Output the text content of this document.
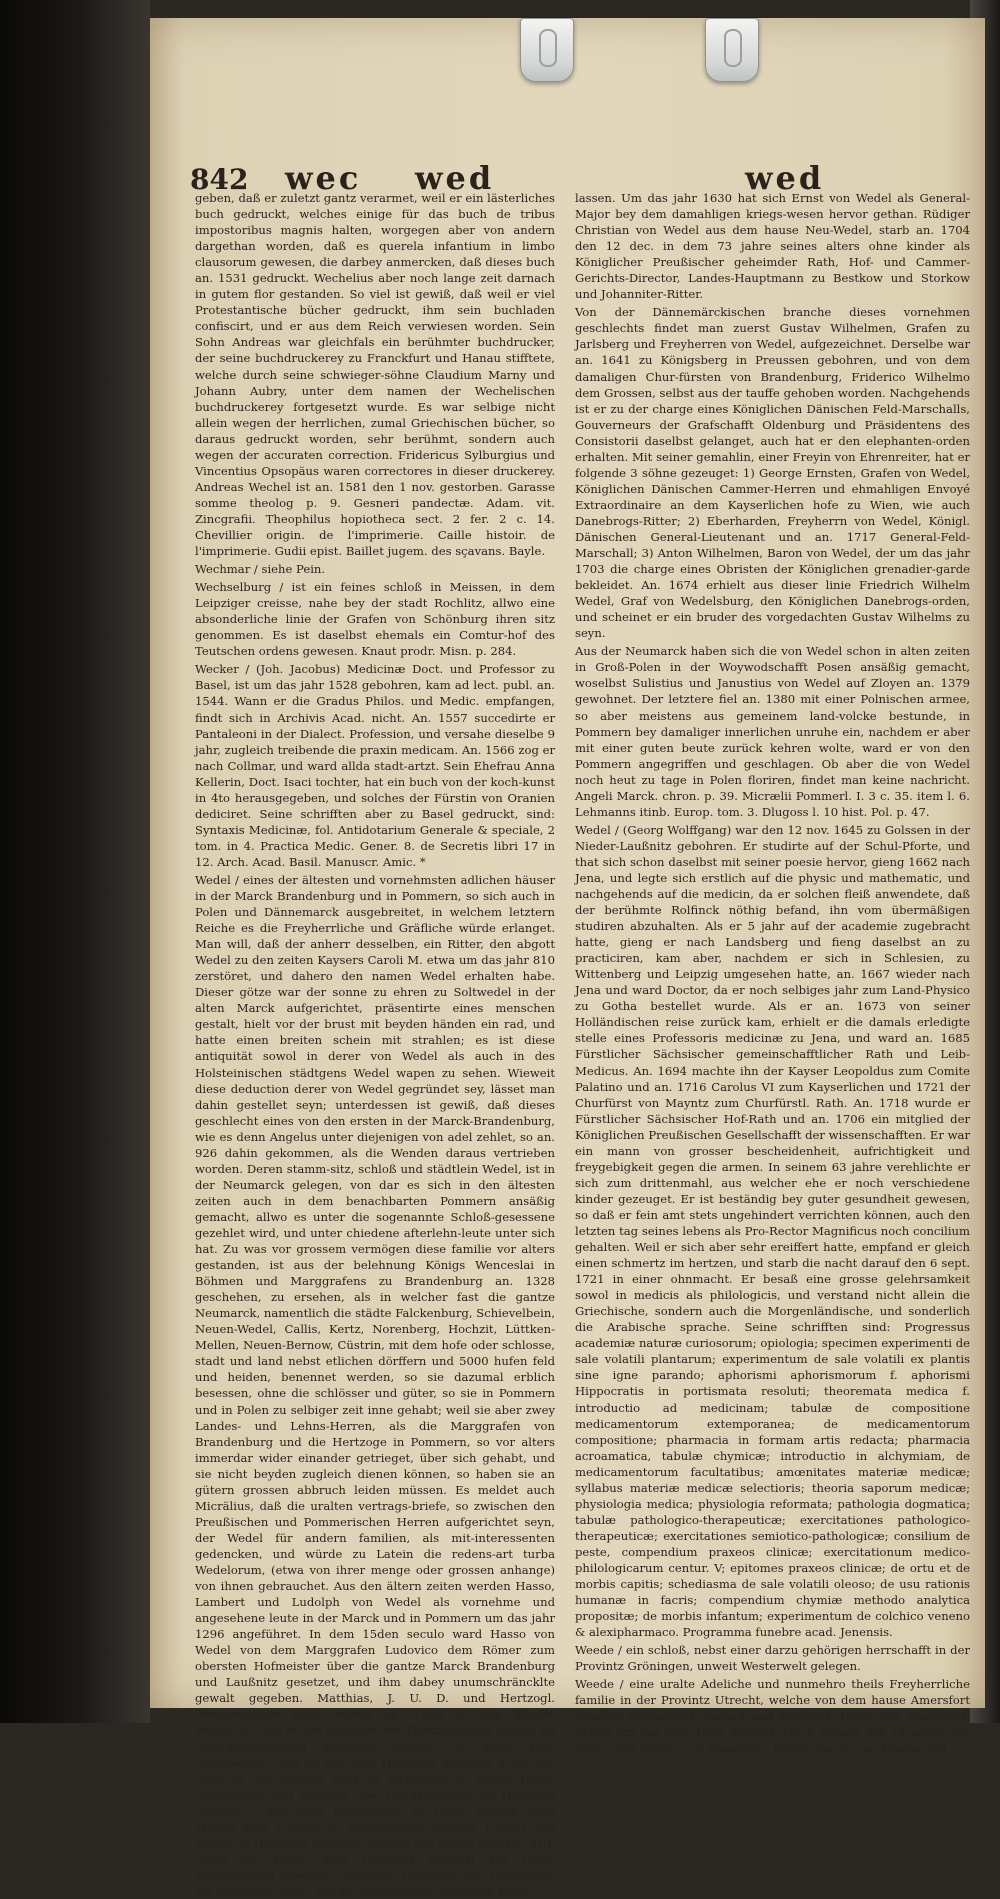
842 wec wed	wed

geben, daß er zuletzt gantz verarmet, weil er ein lästerliches buch gedruckt, welches einige für das buch de tribus impostoribus magnis halten, worgegen aber von andern dargethan worden, daß es querela infantium in limbo clausorum gewesen, die darbey anmercken, daß dieses buch an. 1531 gedruckt. Wechelius aber noch lange zeit darnach in gutem flor gestanden. So viel ist gewiß, daß weil er viel Protestantische bücher gedruckt, ihm sein buchladen confiscirt, und er aus dem Reich verwiesen worden. Sein Sohn Andreas war gleichfals ein berühmter buchdrucker, der seine buchdruckerey zu Franckfurt und Hanau stifftete, welche durch seine schwieger-söhne Claudium Marny und Johann Aubry, unter dem namen der Wechelischen buchdruckerey fortgesetzt wurde. Es war selbige nicht allein wegen der herrlichen, zumal Griechischen bücher, so daraus gedruckt worden, sehr berühmt, sondern auch wegen der accuraten correction. Fridericus Sylburgius und Vincentius Opsopäus waren correctores in dieser druckerey. Andreas Wechel ist an. 1581 den 1 nov. gestorben. Garasse somme theolog p. 9. Gesneri pandectæ. Adam. vit. Zincgrafii. Theophilus hopiotheca sect. 2 fer. 2 c. 14. Chevillier origin. de l'imprimerie. Caille histoir. de l'imprimerie. Gudii epist. Baillet jugem. des sçavans. Bayle.

Wechmar / siehe Pein.

Wechselburg / ist ein feines schloß in Meissen, in dem Leipziger creisse, nahe bey der stadt Rochlitz, allwo eine absonderliche linie der Grafen von Schönburg ihren sitz genommen. Es ist daselbst ehemals ein Comtur-hof des Teutschen ordens gewesen. Knaut prodr. Misn. p. 284.

Wecker / (Joh. Jacobus) Medicinæ Doct. und Professor zu Basel, ist um das jahr 1528 gebohren, kam ad lect. publ. an. 1544. Wann er die Gradus Philos. und Medic. empfangen, findt sich in Archivis Acad. nicht. An. 1557 succedirte er Pantaleoni in der Dialect. Profession, und versahe dieselbe 9 jahr, zugleich treibende die praxin medicam. An. 1566 zog er nach Collmar, und ward allda stadt-artzt. Sein Ehefrau Anna Kellerin, Doct. Isaci tochter, hat ein buch von der koch-kunst in 4to herausgegeben, und solches der Fürstin von Oranien dediciret. Seine schrifften aber zu Basel gedruckt, sind: Syntaxis Medicinæ, fol. Antidotarium Generale & speciale, 2 tom. in 4. Practica Medic. Gener. 8. de Secretis libri 17 in 12. Arch. Acad. Basil. Manuscr. Amic. *

Wedel / eines der ältesten und vornehmsten adlichen häuser in der Marck Brandenburg und in Pommern, so sich auch in Polen und Dännemarck ausgebreitet, in welchem letztern Reiche es die Freyherrliche und Gräfliche würde erlanget. Man will, daß der anherr desselben, ein Ritter, den abgott Wedel zu den zeiten Kaysers Caroli M. etwa um das jahr 810 zerstöret, und dahero den namen Wedel erhalten habe. Dieser götze war der sonne zu ehren zu Soltwedel in der alten Marck aufgerichtet, präsentirte eines menschen gestalt, hielt vor der brust mit beyden händen ein rad, und hatte einen breiten schein mit strahlen; es ist diese antiquität sowol in derer von Wedel als auch in des Holsteinischen städtgens Wedel wapen zu sehen. Wieweit diese deduction derer von Wedel gegründet sey, lässet man dahin gestellet seyn; unterdessen ist gewiß, daß dieses geschlecht eines von den ersten in der Marck-Brandenburg, wie es denn Angelus unter diejenigen von adel zehlet, so an. 926 dahin gekommen, als die Wenden daraus vertrieben worden. Deren stamm-sitz, schloß und städtlein Wedel, ist in der Neumarck gelegen, von dar es sich in den ältesten zeiten auch in dem benachbarten Pommern ansäßig gemacht, allwo es unter die sogenannte Schloß-gesessene gezehlet wird, und unter chiedene afterlehn-leute unter sich hat. Zu was vor grossem vermögen diese familie vor alters gestanden, ist aus der belehnung Königs Wenceslai in Böhmen und Marggrafens zu Brandenburg an. 1328 geschehen, zu ersehen, als in welcher fast die gantze Neumarck, namentlich die städte Falckenburg, Schievelbein, Neuen-Wedel, Callis, Kertz, Norenberg, Hochzit, Lüttken-Mellen, Neuen-Bernow, Cüstrin, mit dem hofe oder schlosse, stadt und land nebst etlichen dörffern und 5000 hufen feld und heiden, benennet werden, so sie dazumal erblich besessen, ohne die schlösser und güter, so sie in Pommern und in Polen zu selbiger zeit inne gehabt; weil sie aber zwey Landes- und Lehns-Herren, als die Marggrafen von Brandenburg und die Hertzoge in Pommern, so vor alters immerdar wider einander getrieget, über sich gehabt, und sie nicht beyden zugleich dienen können, so haben sie an gütern grossen abbruch leiden müssen. Es meldet auch Micrälius, daß die uralten vertrags-briefe, so zwischen den Preußischen und Pommerischen Herren aufgerichtet seyn, der Wedel für andern familien, als mit-interessenten gedencken, und würde zu Latein die redens-art turba Wedelorum, (etwa von ihrer menge oder grossen anhange) von ihnen gebrauchet. Aus den ältern zeiten werden Hasso, Lambert und Ludolph von Wedel als vornehme und angesehene leute in der Marck und in Pommern um das jahr 1296 angeführet. In dem 15den seculo ward Hasso von Wedel von dem Marggrafen Ludovico dem Römer zum obersten Hofmeister über die gantze Marck Brandenburg und Laußnitz gesetzet, und ihm dabey unumschräncklte gewalt gegeben. Matthias, J. U. D. und Hertzogl. Pommerischer Rath, wurde an. 1469 an den Kayser geschickt, daß er die donation des Hertzogthums Stettin an Chur-Brandenburg aufheben möchte; er starb aber unterweges. Otto ist von dem Hertzoge Bogislao X auf der reise in das gelobte land zu Jerusalem zu einem Ritter geschlagen, und hernach Ober-Hof-Marschall des Hertzogs Philippi I, wie auch Hauptmann zu Loytz, dessen sohn Martin aber Comtur zu Wildenbruch worden. Caspar von Wedel ist Hertzogs Barnimi, Wedigo von Wedel Bogislai XIII, Jürge von Wedel aber Hertzogs Bogislai XIV Ober-Hofmarschall gewesen. Joachim, Hertzoglicher Land-Rath, ein gelehrter mann, hat ein Pommerisch chronicon hinter-

lassen. Um das jahr 1630 hat sich Ernst von Wedel als General-Major bey dem damahligen kriegs-wesen hervor gethan. Rüdiger Christian von Wedel aus dem hause Neu-Wedel, starb an. 1704 den 12 dec. in dem 73 jahre seines alters ohne kinder als Königlicher Preußischer geheimder Rath, Hof- und Cammer-Gerichts-Director, Landes-Hauptmann zu Bestkow und Storkow und Johanniter-Ritter.

Von der Dännemärckischen branche dieses vornehmen geschlechts findet man zuerst Gustav Wilhelmen, Grafen zu Jarlsberg und Freyherren von Wedel, aufgezeichnet. Derselbe war an. 1641 zu Königsberg in Preussen gebohren, und von dem damaligen Chur-fürsten von Brandenburg, Friderico Wilhelmo dem Grossen, selbst aus der tauffe gehoben worden. Nachgehends ist er zu der charge eines Königlichen Dänischen Feld-Marschalls, Gouverneurs der Grafschafft Oldenburg und Präsidentens des Consistorii daselbst gelanget, auch hat er den elephanten-orden erhalten. Mit seiner gemahlin, einer Freyin von Ehrenreiter, hat er folgende 3 söhne gezeuget: 1) George Ernsten, Grafen von Wedel, Königlichen Dänischen Cammer-Herren und ehmahligen Envoyé Extraordinaire an dem Kayserlichen hofe zu Wien, wie auch Danebrogs-Ritter; 2) Eberharden, Freyherrn von Wedel, Königl. Dänischen General-Lieutenant und an. 1717 General-Feld-Marschall; 3) Anton Wilhelmen, Baron von Wedel, der um das jahr 1703 die charge eines Obristen der Königlichen grenadier-garde bekleidet. An. 1674 erhielt aus dieser linie Friedrich Wilhelm Wedel, Graf von Wedelsburg, den Königlichen Danebrogs-orden, und scheinet er ein bruder des vorgedachten Gustav Wilhelms zu seyn.

Aus der Neumarck haben sich die von Wedel schon in alten zeiten in Groß-Polen in der Woywodschafft Posen ansäßig gemacht, woselbst Sulistius und Janustius von Wedel auf Zloyen an. 1379 gewohnet. Der letztere fiel an. 1380 mit einer Polnischen armee, so aber meistens aus gemeinem land-volcke bestunde, in Pommern bey damaliger innerlichen unruhe ein, nachdem er aber mit einer guten beute zurück kehren wolte, ward er von den Pommern angegriffen und geschlagen. Ob aber die von Wedel noch heut zu tage in Polen floriren, findet man keine nachricht. Angeli Marck. chron. p. 39. Micrælii Pommerl. I. 3 c. 35. item l. 6. Lehmanns itinb. Europ. tom. 3. Dlugoss l. 10 hist. Pol. p. 47.

Wedel / (Georg Wolffgang) war den 12 nov. 1645 zu Golssen in der Nieder-Laußnitz gebohren. Er studirte auf der Schul-Pforte, und that sich schon daselbst mit seiner poesie hervor, gieng 1662 nach Jena, und legte sich erstlich auf die physic und mathematic, und nachgehends auf die medicin, da er solchen fleiß anwendete, daß der berühmte Rolfinck nöthig befand, ihn vom übermäßigen studiren abzuhalten. Als er 5 jahr auf der academie zugebracht hatte, gieng er nach Landsberg und fieng daselbst an zu practiciren, kam aber, nachdem er sich in Schlesien, zu Wittenberg und Leipzig umgesehen hatte, an. 1667 wieder nach Jena und ward Doctor, da er noch selbiges jahr zum Land-Physico zu Gotha bestellet wurde. Als er an. 1673 von seiner Holländischen reise zurück kam, erhielt er die damals erledigte stelle eines Professoris medicinæ zu Jena, und ward an. 1685 Fürstlicher Sächsischer gemeinschafftlicher Rath und Leib-Medicus. An. 1694 machte ihn der Kayser Leopoldus zum Comite Palatino und an. 1716 Carolus VI zum Kayserlichen und 1721 der Churfürst von Mayntz zum Churfürstl. Rath. An. 1718 wurde er Fürstlicher Sächsischer Hof-Rath und an. 1706 ein mitglied der Königlichen Preußischen Gesellschafft der wissenschafften. Er war ein mann von grosser bescheidenheit, aufrichtigkeit und freygebigkeit gegen die armen. In seinem 63 jahre verehlichte er sich zum drittenmahl, aus welcher ehe er noch verschiedene kinder gezeuget. Er ist beständig bey guter gesundheit gewesen, so daß er fein amt stets ungehindert verrichten können, auch den letzten tag seines lebens als Pro-Rector Magnificus noch concilium gehalten. Weil er sich aber sehr ereiffert hatte, empfand er gleich einen schmertz im hertzen, und starb die nacht darauf den 6 sept. 1721 in einer ohnmacht. Er besaß eine grosse gelehrsamkeit sowol in medicis als philologicis, und verstand nicht allein die Griechische, sondern auch die Morgenländische, und sonderlich die Arabische sprache. Seine schrifften sind: Progressus academiæ naturæ curiosorum; opiologia; specimen experimenti de sale volatili plantarum; experimentum de sale volatili ex plantis sine igne parando; aphorismi aphorismorum f. aphorismi Hippocratis in portismata resoluti; theoremata medica f. introductio ad medicinam; tabulæ de compositione medicamentorum extemporanea; de medicamentorum compositione; pharmacia in formam artis redacta; pharmacia acroamatica, tabulæ chymicæ; introductio in alchymiam, de medicamentorum facultatibus; amœnitates materiæ medicæ; syllabus materiæ medicæ selectioris; theoria saporum medicæ; physiologia medica; physiologia reformata; pathologia dogmatica; tabulæ pathologico-therapeuticæ; exercitationes pathologico-therapeuticæ; exercitationes semiotico-pathologicæ; consilium de peste, compendium praxeos clinicæ; exercitationum medico-philologicarum centur. V; epitomes praxeos clinicæ; de ortu et de morbis capitis; schediasma de sale volatili oleoso; de usu rationis humanæ in facris; compendium chymiæ methodo analytica propositæ; de morbis infantum; experimentum de colchico veneno & alexipharmaco. Programma funebre acad. Jenensis.

Weede / ein schloß, nebst einer darzu gehörigen herrschafft in der Provintz Gröningen, unweit Westerwelt gelegen.

Weede / eine uralte Adeliche und nunmehro theils Freyherrliche familie in der Provintz Utrecht, welche von dem hause Amersfort daselbst abstammet. Rutard und Wiedrick, Ritter von Amersfort, haben um das jahr 1050 gelebet. Nach anfang des 13 seculi hat Wyer oder Walter von Amersfort, Ritter, Amelis von Weede und
